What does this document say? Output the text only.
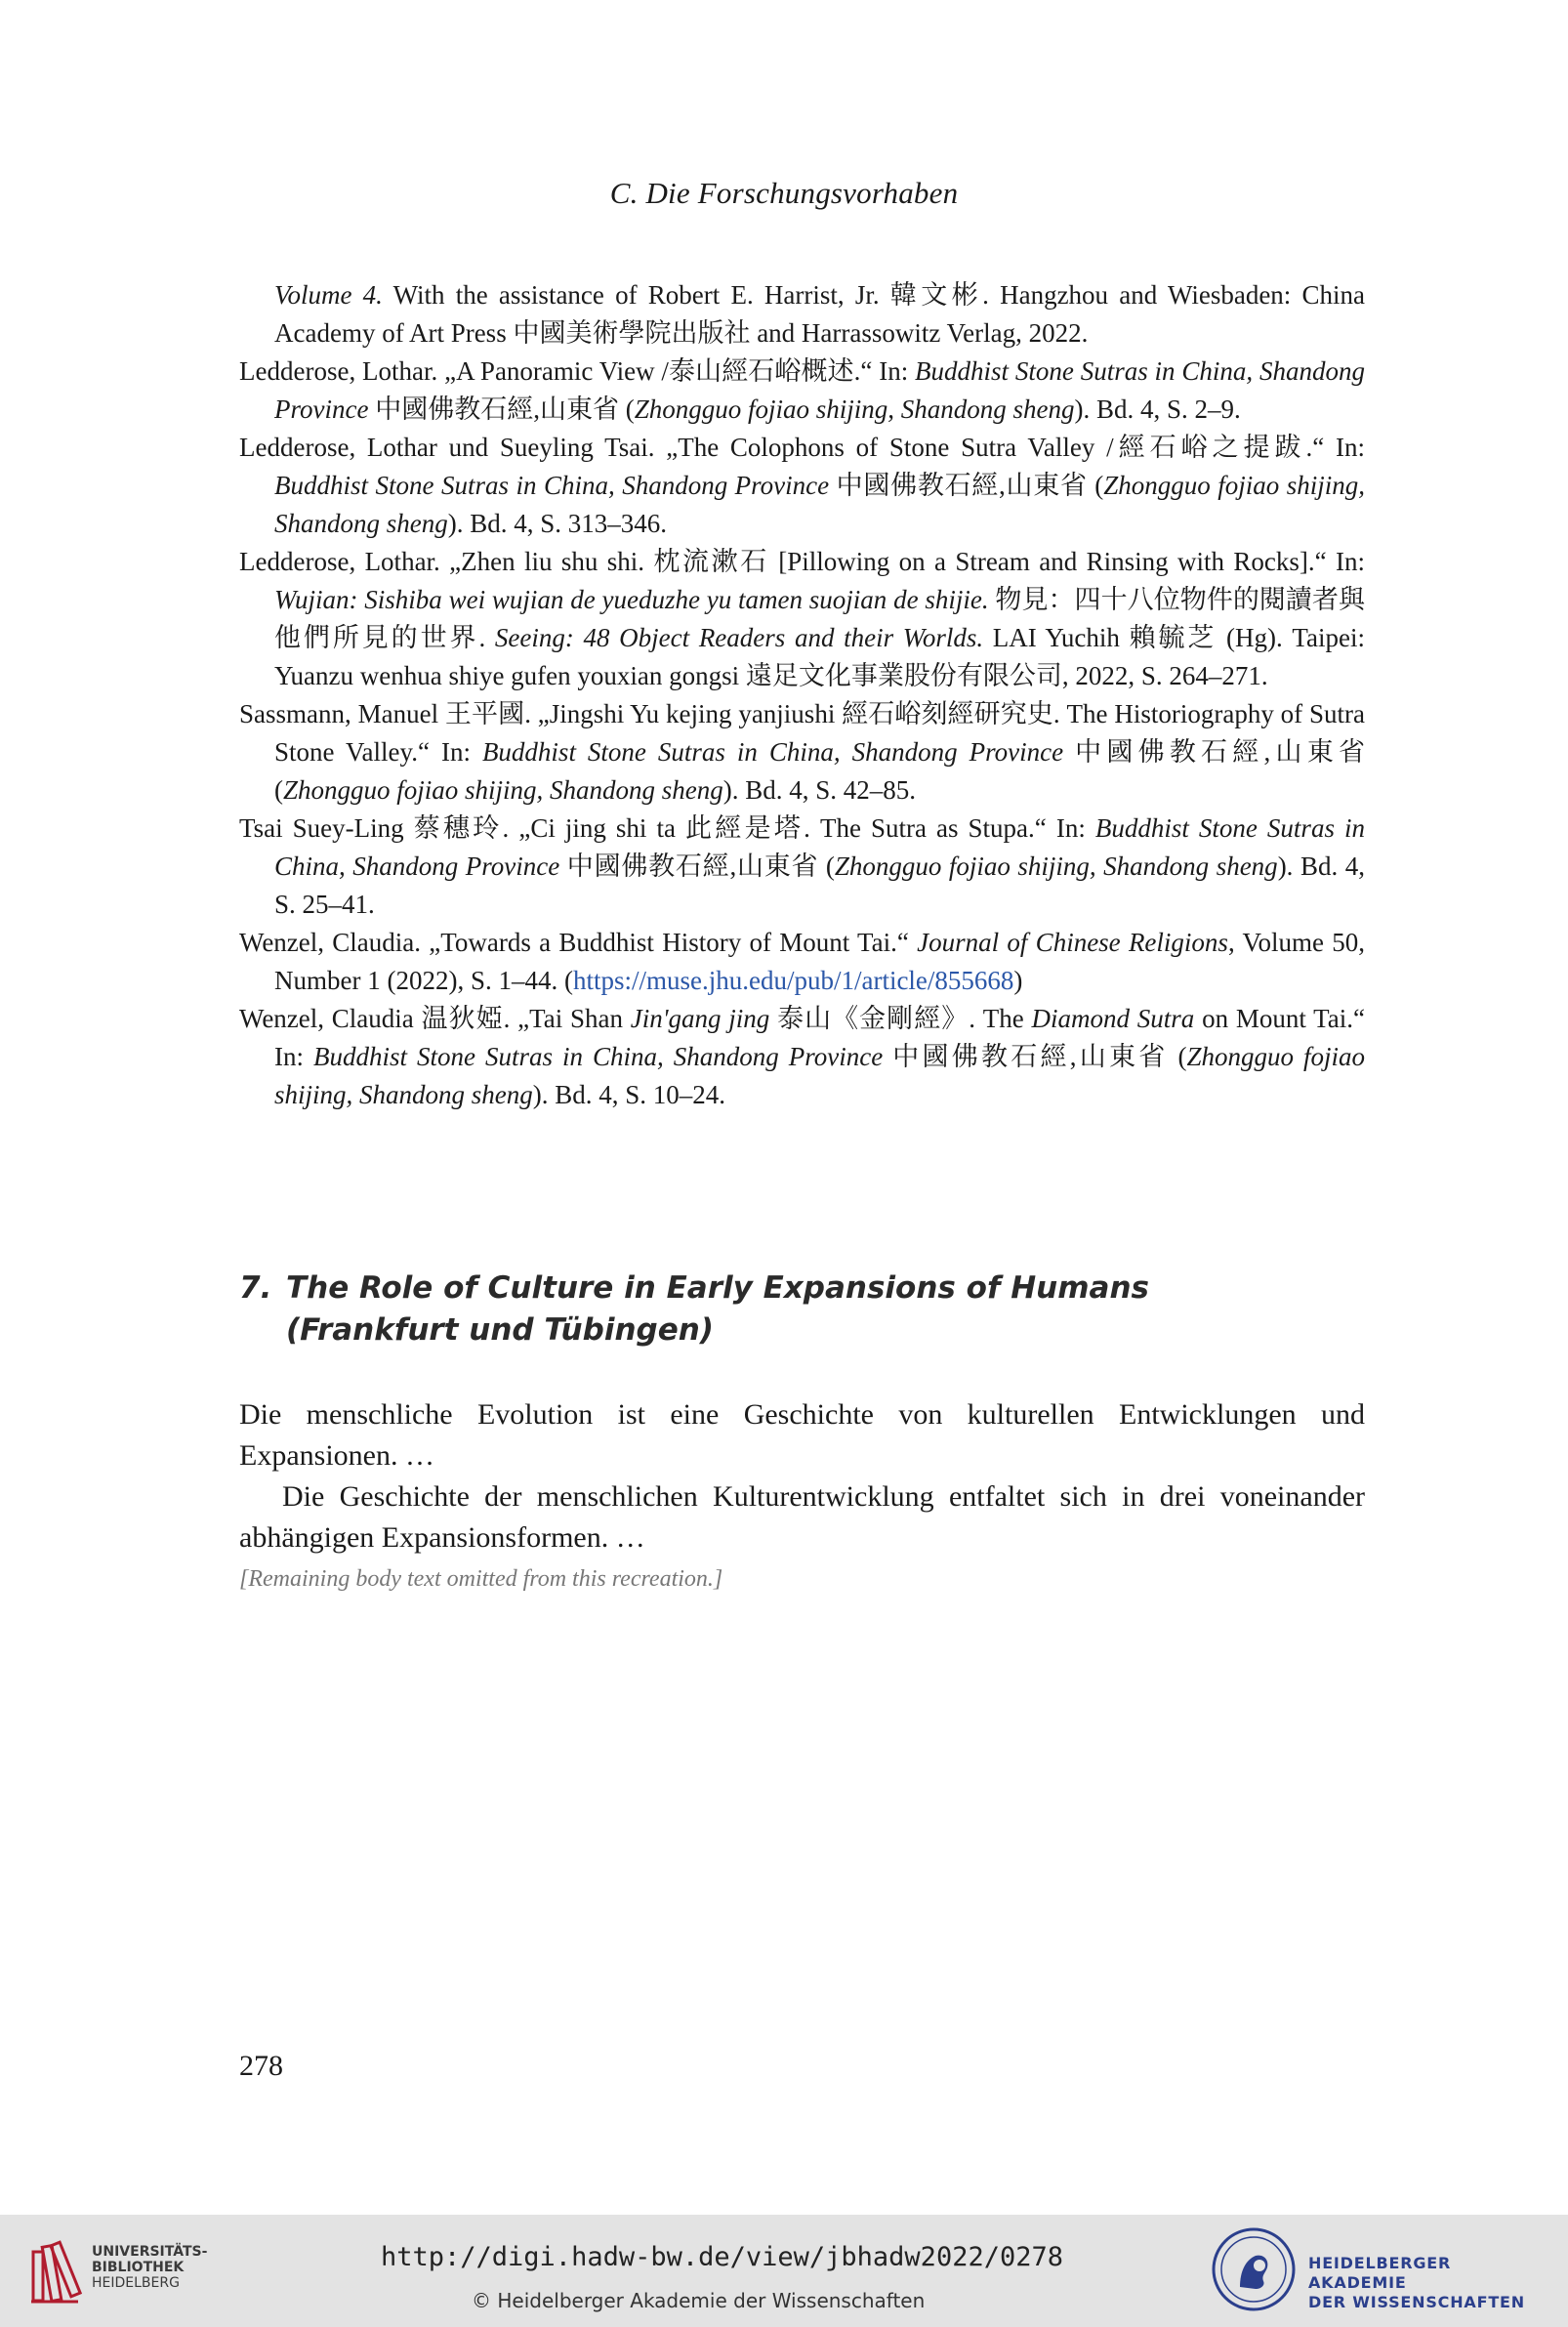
C. Die Forschungsvorhaben

Volume 4. With the assistance of Robert E. Harrist, Jr. 韓文彬. Hangzhou and Wiesbaden: China Academy of Art Press 中國美術學院出版社 and Harrassowitz Verlag, 2022.

Ledderose, Lothar. „A Panoramic View /泰山經石峪概述.“ In: Buddhist Stone Sutras in China, Shandong Province 中國佛教石經,山東省 (Zhongguo fojiao shijing, Shandong sheng). Bd. 4, S. 2–9.

Ledderose, Lothar und Sueyling Tsai. „The Colophons of Stone Sutra Valley /經石峪之提跋.“ In: Buddhist Stone Sutras in China, Shandong Province 中國佛教石經,山東省 (Zhongguo fojiao shijing, Shandong sheng). Bd. 4, S. 313–346.

Ledderose, Lothar. „Zhen liu shu shi. 枕流漱石 [Pillowing on a Stream and Rinsing with Rocks].“ In: Wujian: Sishiba wei wujian de yueduzhe yu tamen suojian de shijie. 物見：四十八位物件的閱讀者與他們所見的世界. Seeing: 48 Object Readers and their Worlds. LAI Yuchih 賴毓芝 (Hg). Taipei: Yuanzu wenhua shiye gufen youxian gongsi 遠足文化事業股份有限公司, 2022, S. 264–271.

Sassmann, Manuel 王平國. „Jingshi Yu kejing yanjiushi 經石峪刻經研究史. The Historiography of Sutra Stone Valley.“ In: Buddhist Stone Sutras in China, Shandong Province 中國佛教石經,山東省 (Zhongguo fojiao shijing, Shandong sheng). Bd. 4, S. 42–85.

Tsai Suey-Ling 蔡穗玲. „Ci jing shi ta 此經是塔. The Sutra as Stupa.“ In: Buddhist Stone Sutras in China, Shandong Province 中國佛教石經,山東省 (Zhongguo fojiao shijing, Shandong sheng). Bd. 4, S. 25–41.

Wenzel, Claudia. „Towards a Buddhist History of Mount Tai.“ Journal of Chinese Religions, Volume 50, Number 1 (2022), S. 1–44. (https://muse.jhu.edu/pub/1/article/855668)

Wenzel, Claudia 温狄婭. „Tai Shan Jin'gang jing 泰山《金剛經》. The Diamond Sutra on Mount Tai.“ In: Buddhist Stone Sutras in China, Shandong Province 中國佛教石經,山東省 (Zhongguo fojiao shijing, Shandong sheng). Bd. 4, S. 10–24.

7. The Role of Culture in Early Expansions of Humans
(Frankfurt und Tübingen)

Die menschliche Evolution ist eine Geschichte von kulturellen Entwicklungen und Expansionen. …

Die Geschichte der menschlichen Kulturentwicklung entfaltet sich in drei voneinander abhängigen Expansionsformen. …

[Remaining body text omitted from this recreation.]

278
UNIVERSITÄTS-
BIBLIOTHEK
HEIDELBERG
http://digi.hadw-bw.de/view/jbhadw2022/0278
© Heidelberger Akademie der Wissenschaften
HEIDELBERGER AKADEMIE
DER WISSENSCHAFTEN
